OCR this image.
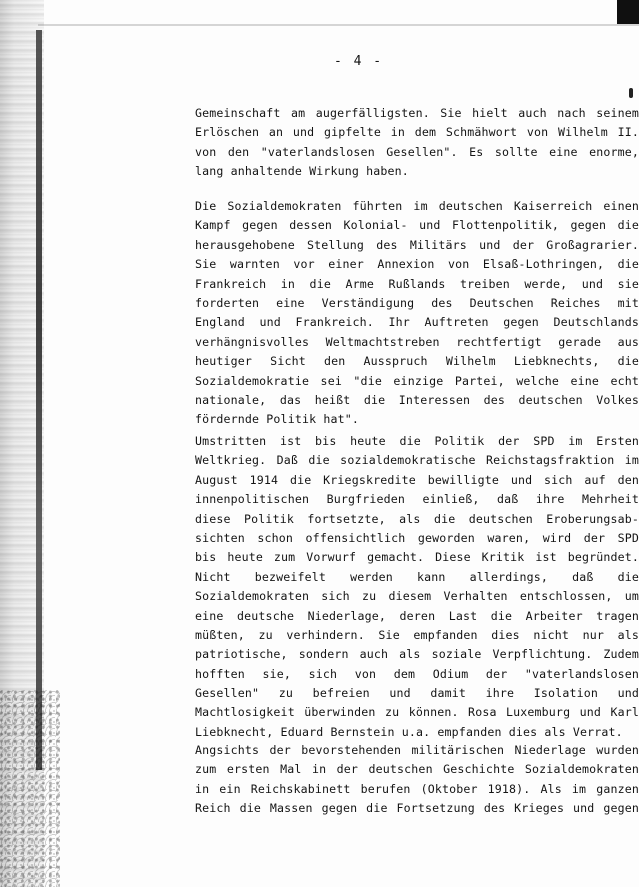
- 4 -
Gemeinschaft am augerfälligsten. Sie hielt auch nach seinem
Erlöschen an und gipfelte in dem Schmähwort von Wilhelm II.
von den "vaterlandslosen Gesellen". Es sollte eine enorme,
lang anhaltende Wirkung haben.
Die Sozialdemokraten führten im deutschen Kaiserreich einen
Kampf gegen dessen Kolonial- und Flottenpolitik, gegen die
herausgehobene Stellung des Militärs und der Großagrarier.
Sie warnten vor einer Annexion von Elsaß-Lothringen, die
Frankreich in die Arme Rußlands treiben werde, und sie
forderten eine Verständigung des Deutschen Reiches mit
England und Frankreich. Ihr Auftreten gegen Deutschlands
verhängnisvolles Weltmachtstreben rechtfertigt gerade aus
heutiger Sicht den Ausspruch Wilhelm Liebknechts, die
Sozialdemokratie sei "die einzige Partei, welche eine echt
nationale, das heißt die Interessen des deutschen Volkes
fördernde Politik hat".
Umstritten ist bis heute die Politik der SPD im Ersten
Weltkrieg. Daß die sozialdemokratische Reichstagsfraktion im
August 1914 die Kriegskredite bewilligte und sich auf den
innenpolitischen Burgfrieden einließ, daß ihre Mehrheit
diese Politik fortsetzte, als die deutschen Eroberungsab-
sichten schon offensichtlich geworden waren, wird der SPD
bis heute zum Vorwurf gemacht. Diese Kritik ist begründet.
Nicht bezweifelt werden kann allerdings, daß die
Sozialdemokraten sich zu diesem Verhalten entschlossen, um
eine deutsche Niederlage, deren Last die Arbeiter tragen
müßten, zu verhindern. Sie empfanden dies nicht nur als
patriotische, sondern auch als soziale Verpflichtung. Zudem
hofften sie, sich von dem Odium der "vaterlandslosen
Gesellen" zu befreien und damit ihre Isolation und
Machtlosigkeit überwinden zu können. Rosa Luxemburg und Karl
Liebknecht, Eduard Bernstein u.a. empfanden dies als Verrat.
Angsichts der bevorstehenden militärischen Niederlage wurden
zum ersten Mal in der deutschen Geschichte Sozialdemokraten
in ein Reichskabinett berufen (Oktober 1918). Als im ganzen
Reich die Massen gegen die Fortsetzung des Krieges und gegen
